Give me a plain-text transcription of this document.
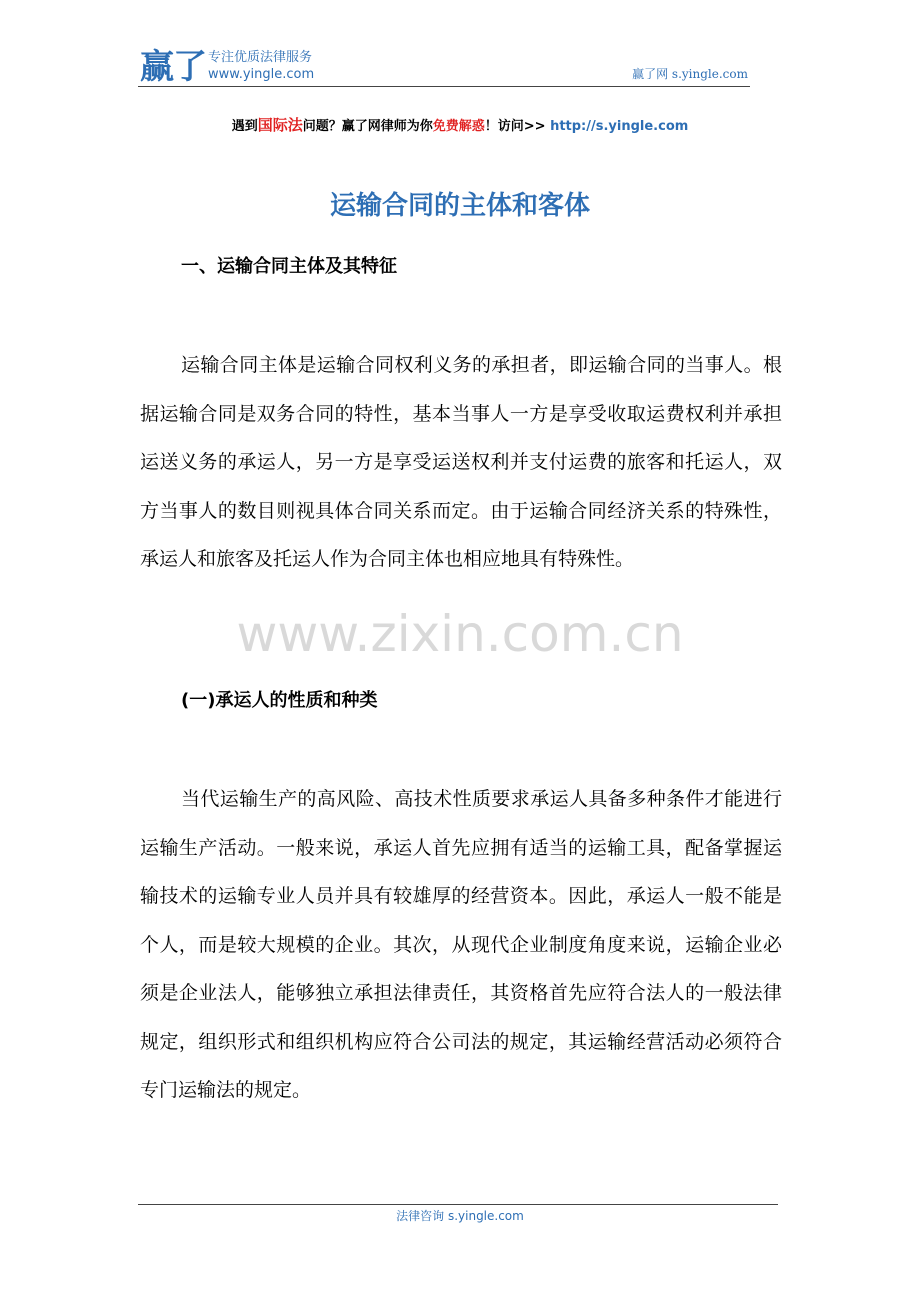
赢了 专注优质法律服务
www.yingle.com	赢了网 s.yingle.com
遇到国际法问题？赢了网律师为你免费解惑！访问>> http://s.yingle.com
运输合同的主体和客体
一、运输合同主体及其特征
运输合同主体是运输合同权利义务的承担者，即运输合同的当事人。根据运输合同是双务合同的特性，基本当事人一方是享受收取运费权利并承担运送义务的承运人，另一方是享受运送权利并支付运费的旅客和托运人，双方当事人的数目则视具体合同关系而定。由于运输合同经济关系的特殊性，承运人和旅客及托运人作为合同主体也相应地具有特殊性。
www.zixin.com.cn
(一)承运人的性质和种类
当代运输生产的高风险、高技术性质要求承运人具备多种条件才能进行运输生产活动。一般来说，承运人首先应拥有适当的运输工具，配备掌握运输技术的运输专业人员并具有较雄厚的经营资本。因此，承运人一般不能是个人，而是较大规模的企业。其次，从现代企业制度角度来说，运输企业必须是企业法人，能够独立承担法律责任，其资格首先应符合法人的一般法律规定，组织形式和组织机构应符合公司法的规定，其运输经营活动必须符合专门运输法的规定。
法律咨询 s.yingle.com
